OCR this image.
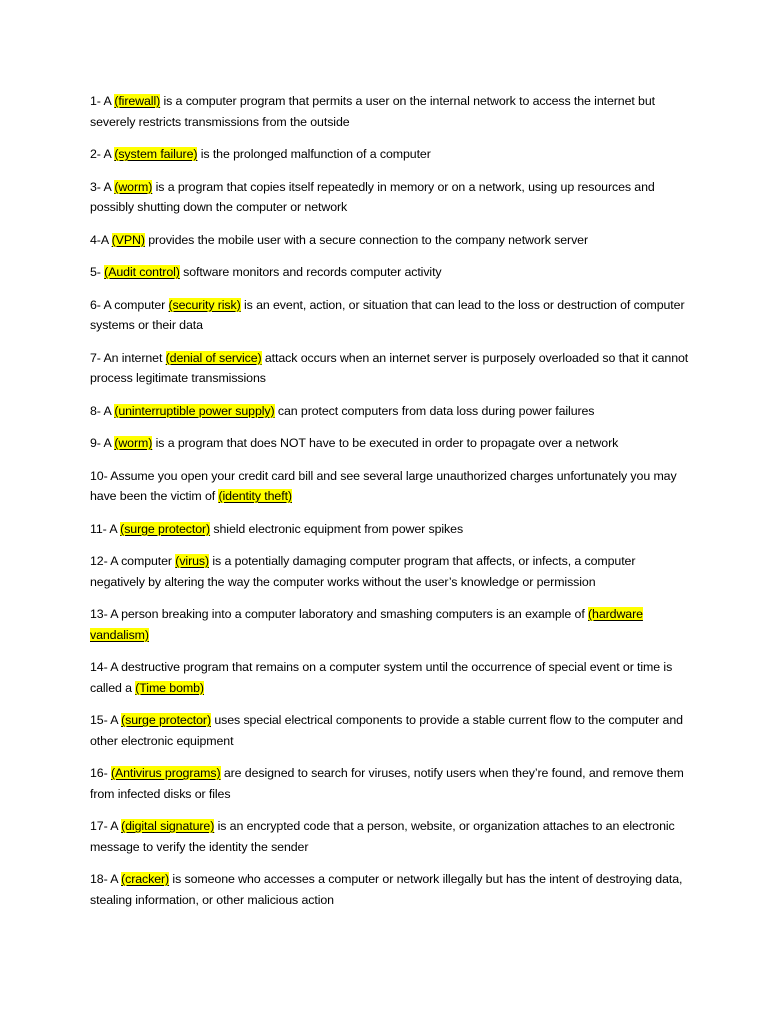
1- A (firewall) is a computer program that permits a user on the internal network to access the internet but severely restricts transmissions from the outside
2- A (system failure) is the prolonged malfunction of a computer
3- A (worm) is a program that copies itself repeatedly in memory or on a network, using up resources and possibly shutting down the computer or network
4-A (VPN) provides the mobile user with a secure connection to the company network server
5- (Audit control) software monitors and records computer activity
6- A computer (security risk) is an event, action, or situation that can lead to the loss or destruction of computer systems or their data
7- An internet (denial of service) attack occurs when an internet server is purposely overloaded so that it cannot process legitimate transmissions
8- A (uninterruptible power supply) can protect computers from data loss during power failures
9- A (worm) is a program that does NOT have to be executed in order to propagate over a network
10- Assume you open your credit card bill and see several large unauthorized charges unfortunately you may have been the victim of (identity theft)
11- A (surge protector) shield electronic equipment from power spikes
12- A computer (virus) is a potentially damaging computer program that affects, or infects, a computer negatively by altering the way the computer works without the user’s knowledge or permission
13- A person breaking into a computer laboratory and smashing computers is an example of (hardware vandalism)
14- A destructive program that remains on a computer system until the occurrence of special event or time is called a (Time bomb)
15- A (surge protector) uses special electrical components to provide a stable current flow to the computer and other electronic equipment
16- (Antivirus programs) are designed to search for viruses, notify users when they’re found, and remove them from infected disks or files
17- A (digital signature) is an encrypted code that a person, website, or organization attaches to an electronic message to verify the identity the sender
18- A (cracker) is someone who accesses a computer or network illegally but has the intent of destroying data, stealing information, or other malicious action
